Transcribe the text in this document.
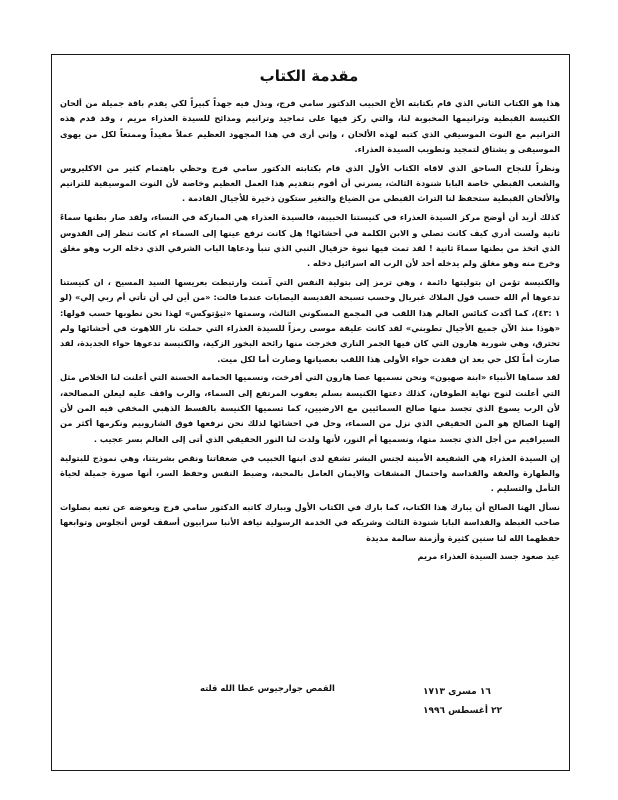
مقدمة الكتاب

هذا هو الكتاب الثاني الذي قام بكتابته الأخ الحبيب الدكتور سامي فرج، وبذل فيه جهداً كبيراً لكي يقدم باقة جميلة من ألحان الكنيسة القبطية وترانيمها المحبوبة لنا، والتي ركز فيها على تماجيد وترانيم ومدائح للسيدة العذراء مريم ، وقد قدم هذه الترانيم مع النوت الموسيقي الذي كتبه لهذه الألحان ، وإني أرى في هذا المجهود العظيم عملاً مفيداً وممتعاً لكل من يهوى الموسيقى و يشتاق لتمجيد وتطويب السيدة العذراء.

ونظراً للنجاح الساحق الذي لاقاه الكتاب الأول الذي قام بكتابته الدكتور سامي فرج وحظي باهتمام كثير من الاكليروس والشعب القبطي خاصة البابا شنودة الثالث، يسرني أن أقوم بتقديم هذا العمل العظيم وخاصة لأن النوت الموسيقية للترانيم والألحان القبطية ستحفظ لنا التراث القبطي من الضياع والتغير ستكون ذخيرة للأجيال القادمة .

كذلك أريد أن أوضح مركز السيدة العذراء في كنيستنا الحبيبة، فالسيدة العذراء هي المباركة في النساء، ولقد صار بطنها سماءً ثانية ولست أدري كيف كانت تصلي و الابن الكلمة في أحشائها! هل كانت ترفع عينها إلى السماء ام كانت تنظر إلى القدوس الذي اتخذ من بطنها سماءً ثانية ! لقد تمت فيها نبوة حزقيال النبي الذي تنبأ ودعاها الباب الشرقي الذي دخله الرب وهو مغلق وخرج منه وهو مغلق ولم يدخله أحد لأن الرب اله اسرائيل دخله .

والكنيسة تؤمن ان بتوليتها دائمة ، وهي ترمز إلى بتولية النفس التي آمنت وارتبطت بعريسها السيد المسيح ، ان كنيستنا تدعوها أم الله حسب قول الملاك غبريال وحسب تسبحة القديسة اليصابات عندما قالت: «من أين لي أن تأتي أم ربي إلي» (لو ١ :٤٣)، كما أكدت كنائس العالم هذا اللقب في المجمع المسكوني الثالث، وسمتها «ثيؤتوكس» لهذا نحن نطوبها حسب قولها: «هوذا منذ الآن جميع الأجيال تطوبني» لقد كانت عليقة موسى رمزاً للسيدة العذراء التي حملت نار اللاهوت في أحشائها ولم تحترق، وهي شورية هارون التي كان فيها الجمر الناري فخرجت منها رائحة البخور الزكية، والكنيسة تدعوها حواء الجديدة، لقد صارت أماً لكل حي بعد ان فقدت حواء الأولى هذا اللقب بعصيانها وصارت أما لكل ميت.

لقد سماها الأنبياء «ابنة صهيون» ونحن نسميها عصا هارون التي أفرخت، ونسميها الحمامة الحسنة التي أعلنت لنا الخلاص مثل التي أعلنت لنوح نهاية الطوفان، كذلك دعتها الكنيسة بسلم يعقوب المرتفع إلى السماء، والرب واقف عليه ليعلن المصالحة، لأن الرب يسوع الذي تجسد منها صالح السمائيين مع الارضيين، كما تسميها الكنيسة بالقسط الذهبي المخفي فيه المن لأن إلهنا الصالح هو المن الحقيقي الذي نزل من السماء، وحل في احشائها لذلك نحن نرفعها فوق الشاروبيم ونكرمها أكثر من السيرافيم من أجل الذي تجسد منها، ونسميها أم النور، لأنها ولدت لنا النور الحقيقي الذي أتى إلى العالم بسر عجيب .

إن السيدة العذراء هي الشفيعة الأمينة لجنس البشر تشفع لدى ابنها الحبيب في ضعفاتنا ونقص بشريتنا، وهي نموذج للبتولية والطهارة والعفة والقداسة واحتمال المشقات والايمان العامل بالمحبة، وضبط النفس وحفظ السر، أنها صورة جميلة لحياة التأمل والتسليم .

نسأل الهنا الصالح أن يبارك هذا الكتاب، كما بارك في الكتاب الأول ويبارك كاتبه الدكتور سامي فرج ويعوضه عن تعبه بصلوات صاحب الغبطة والقداسة البابا شنودة الثالث وشريكه في الخدمة الرسولية نيافة الأنبا سرابيون أسقف لوس أنجلوس وتوابعها حفظهما الله لنا سنين كثيرة وأزمنة سالمة مديدة

عيد صعود جسد السيدة العذراء مريم

القمص جوارجيوس عطا الله قلته	١٦ مسرى ١٧١٣

٢٢ أغسطس ١٩٩٦
